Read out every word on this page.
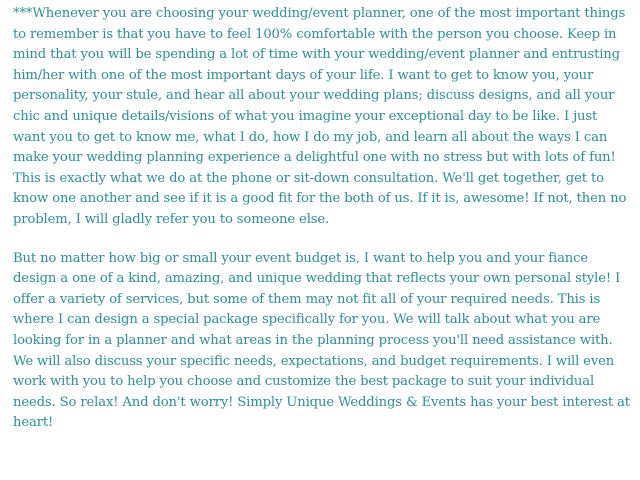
***Whenever you are choosing your wedding/event planner, one of the most important things to remember is that you have to feel 100% comfortable with the person you choose. Keep in mind that you will be spending a lot of time with your wedding/event planner and entrusting him/her with one of the most important days of your life. I want to get to know you, your personality, your stule, and hear all about your wedding plans; discuss designs, and all your chic and unique details/visions of what you imagine your exceptional day to be like. I just want you to get to know me, what I do, how I do my job, and learn all about the ways I can make your wedding planning experience a delightful one with no stress but with lots of fun! This is exactly what we do at the phone or sit-down consultation. We'll get together, get to know one another and see if it is a good fit for the both of us. If it is, awesome! If not, then no problem, I will gladly refer you to someone else.

But no matter how big or small your event budget is, I want to help you and your fiance design a one of a kind, amazing, and unique wedding that reflects your own personal style! I offer a variety of services, but some of them may not fit all of your required needs. This is where I can design a special package specifically for you. We will talk about what you are looking for in a planner and what areas in the planning process you'll need assistance with. We will also discuss your specific needs, expectations, and budget requirements. I will even work with you to help you choose and customize the best package to suit your individual needs. So relax! And don't worry! Simply Unique Weddings & Events has your best interest at heart!
